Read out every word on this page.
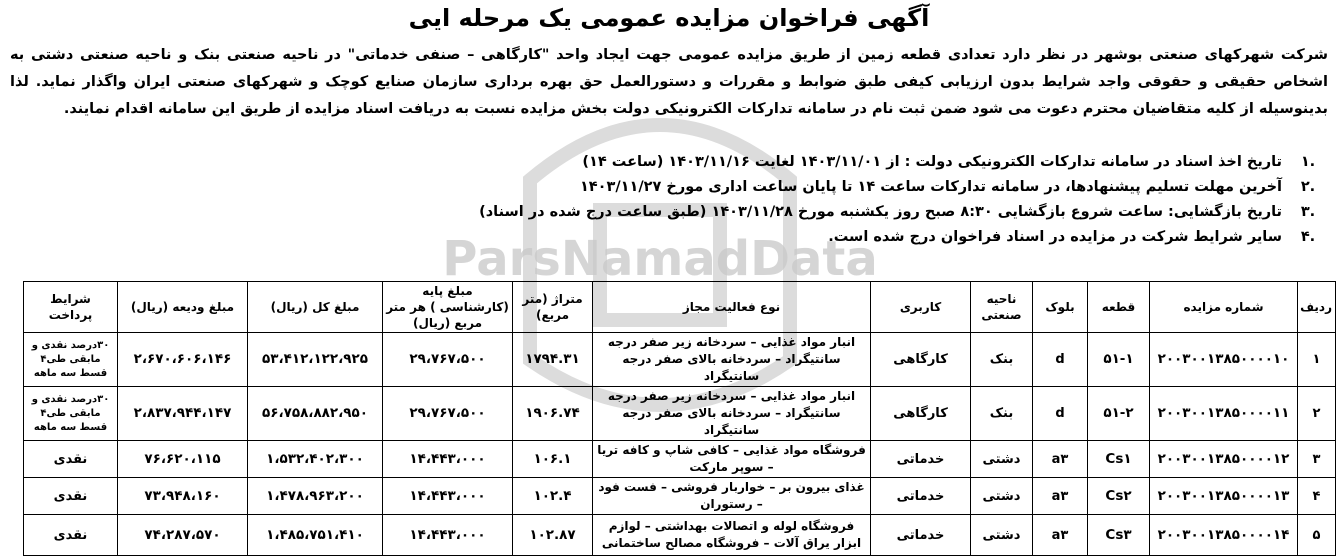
ParsNamadData
آگهی فراخوان مزایده عمومی یک مرحله ایی
شرکت شهرکهای صنعتی بوشهر در نظر دارد تعدادی قطعه زمین از طریق مزایده عمومی جهت ایجاد واحد "کارگاهی – صنفی خدماتی" در ناحیه صنعتی بنک و ناحیه صنعتی دشتی به اشخاص حقیقی و حقوقی واجد شرایط بدون ارزیابی کیفی طبق ضوابط و مقررات و دستورالعمل حق بهره برداری سازمان صنایع کوچک و شهرکهای صنعتی ایران واگذار نماید. لذا بدینوسیله از کلیه متقاضیان محترم دعوت می شود ضمن ثبت نام در سامانه تدارکات الکترونیکی دولت بخش مزایده نسبت به دریافت اسناد مزایده از طریق این سامانه اقدام نمایند.
.۱
تاریخ اخذ اسناد در سامانه تدارکات الکترونیکی دولت : از ۱۴۰۳/۱۱/۰۱ لغایت ۱۴۰۳/۱۱/۱۶ (ساعت ۱۴)
.۲
آخرین مهلت تسلیم پیشنهادها، در سامانه تدارکات ساعت ۱۴ تا پایان ساعت اداری مورخ ۱۴۰۳/۱۱/۲۷
.۳
تاریخ بازگشایی: ساعت شروع بازگشایی ۸:۳۰ صبح روز یکشنبه مورخ ۱۴۰۳/۱۱/۲۸ (طبق ساعت درج شده در اسناد)
.۴
سایر شرایط شرکت در مزایده در اسناد فراخوان درج شده است.
ردیف	شماره مزایده	قطعه	بلوک	ناحیه صنعتی	کاربری	نوع فعالیت مجاز	متراژ (متر مربع)	مبلغ پایه (کارشناسی ) هر متر مربع (ریال)	مبلغ کل (ریال)	مبلغ ودیعه (ریال)	شرایط پرداخت
۱	۲۰۰۳۰۰۱۳۸۵۰۰۰۰۱۰	۵۱-۱	d	بنک	کارگاهی	انبار مواد غذایی – سردخانه زیر صفر درجه سانتیگراد – سردخانه بالای صفر درجه سانتیگراد	۱۷۹۴.۳۱	۲۹،۷۶۷،۵۰۰	۵۳،۴۱۲،۱۲۲،۹۲۵	۲،۶۷۰،۶۰۶،۱۴۶	۳۰درصد نقدی و مابقی طی۴ قسط سه ماهه
۲	۲۰۰۳۰۰۱۳۸۵۰۰۰۰۱۱	۵۱-۲	d	بنک	کارگاهی	انبار مواد غذایی – سردخانه زیر صفر درجه سانتیگراد – سردخانه بالای صفر درجه سانتیگراد	۱۹۰۶.۷۴	۲۹،۷۶۷،۵۰۰	۵۶،۷۵۸،۸۸۲،۹۵۰	۲،۸۳۷،۹۴۴،۱۴۷	۳۰درصد نقدی و مابقی طی۴ قسط سه ماهه
۳	۲۰۰۳۰۰۱۳۸۵۰۰۰۰۱۲	Cs۱	a۳	دشتی	خدماتی	فروشگاه مواد غذایی – کافی شاپ و کافه تریا – سوپر مارکت	۱۰۶.۱	۱۴،۴۴۳،۰۰۰	۱،۵۳۲،۴۰۲،۳۰۰	۷۶،۶۲۰،۱۱۵	نقدی
۴	۲۰۰۳۰۰۱۳۸۵۰۰۰۰۱۳	Cs۲	a۳	دشتی	خدماتی	غذای بیرون بر – خواربار فروشی – فست فود – رستوران	۱۰۲.۴	۱۴،۴۴۳،۰۰۰	۱،۴۷۸،۹۶۳،۲۰۰	۷۳،۹۴۸،۱۶۰	نقدی
۵	۲۰۰۳۰۰۱۳۸۵۰۰۰۰۱۴	Cs۳	a۳	دشتی	خدماتی	فروشگاه لوله و اتصالات بهداشتی – لوازم ابزار یراق آلات – فروشگاه مصالح ساختمانی	۱۰۲.۸۷	۱۴،۴۴۳،۰۰۰	۱،۴۸۵،۷۵۱،۴۱۰	۷۴،۲۸۷،۵۷۰	نقدی
